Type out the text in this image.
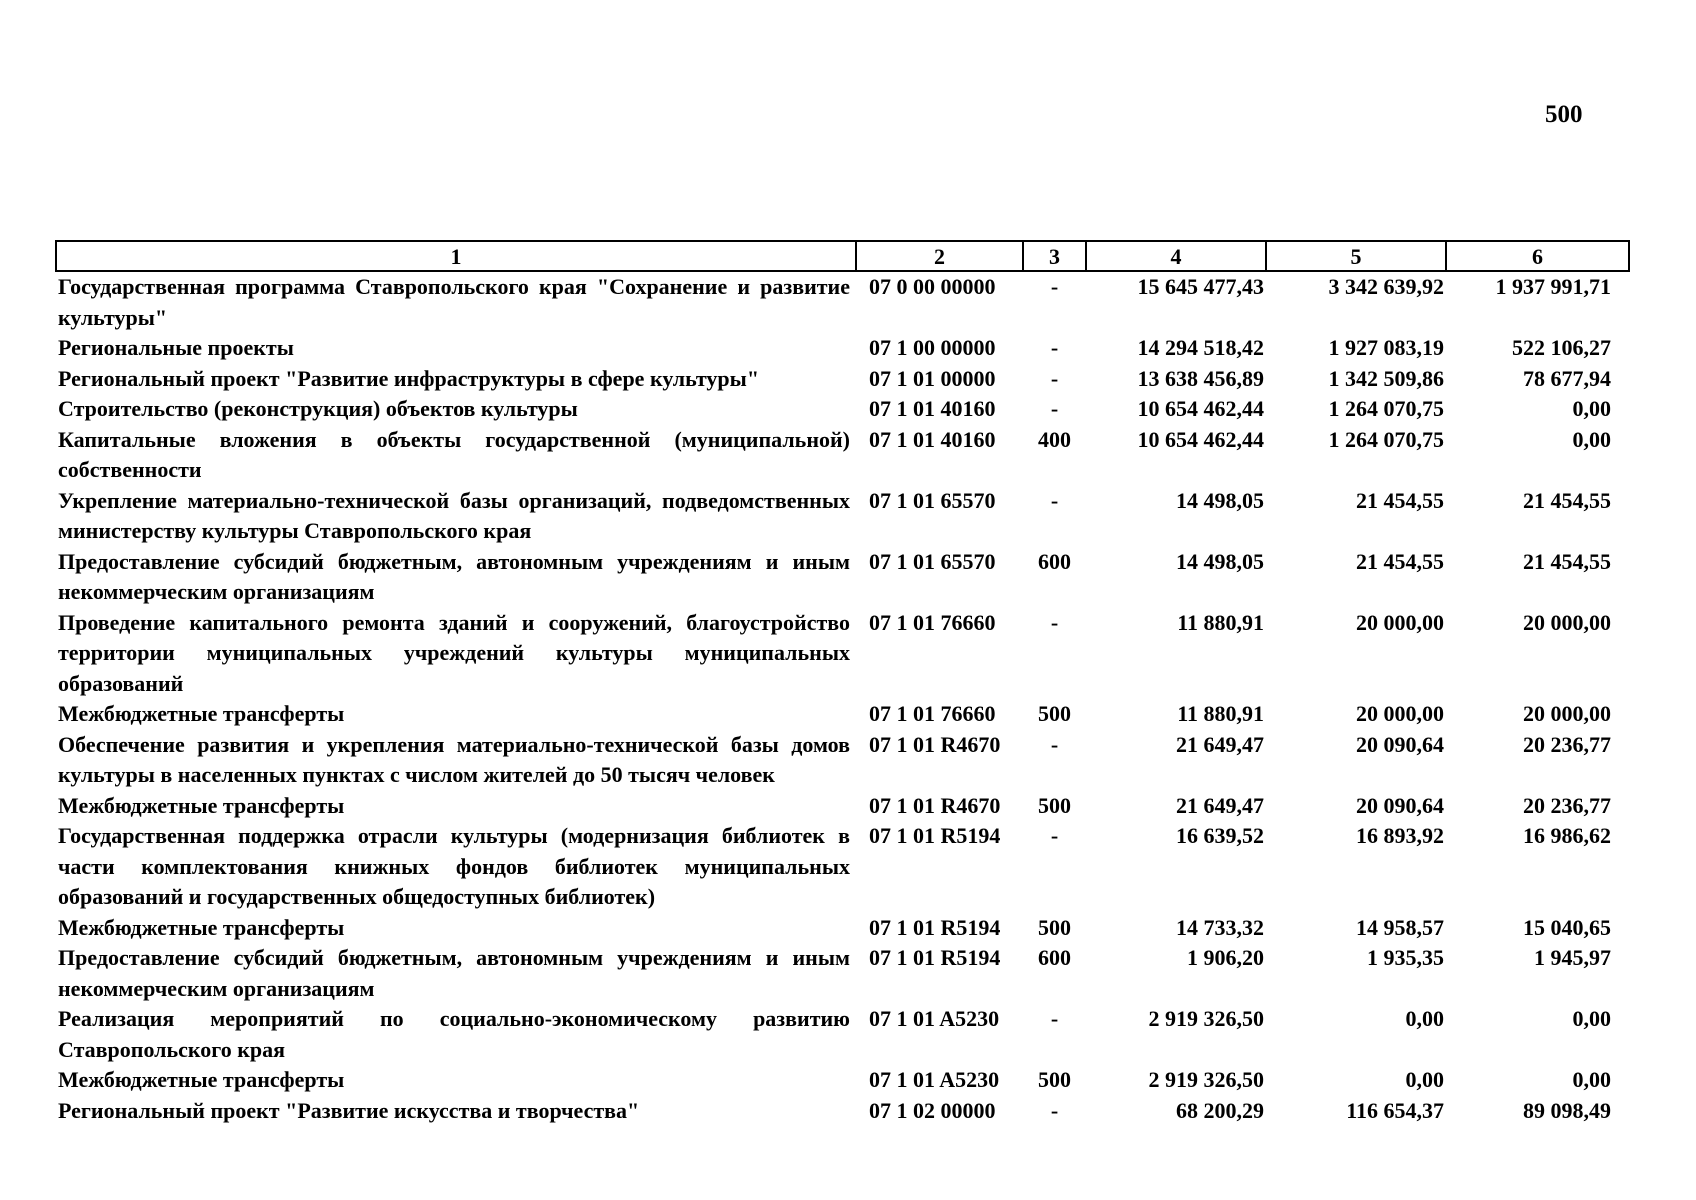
500
1	2	3	4	5	6
Государственная программа Ставропольского края "Сохранение и развитие культуры"	07 0 00 00000	-	15 645 477,43	3 342 639,92	1 937 991,71
Региональные проекты	07 1 00 00000	-	14 294 518,42	1 927 083,19	522 106,27
Региональный проект "Развитие инфраструктуры в сфере культуры"	07 1 01 00000	-	13 638 456,89	1 342 509,86	78 677,94
Строительство (реконструкция) объектов культуры	07 1 01 40160	-	10 654 462,44	1 264 070,75	0,00
Капитальные вложения в объекты государственной (муниципальной) собственности	07 1 01 40160	400	10 654 462,44	1 264 070,75	0,00
Укрепление материально-технической базы организаций, подведомственных министерству культуры Ставропольского края	07 1 01 65570	-	14 498,05	21 454,55	21 454,55
Предоставление субсидий бюджетным, автономным учреждениям и иным некоммерческим организациям	07 1 01 65570	600	14 498,05	21 454,55	21 454,55
Проведение капитального ремонта зданий и сооружений, благоустройство территории муниципальных учреждений культуры муниципальных образований	07 1 01 76660	-	11 880,91	20 000,00	20 000,00
Межбюджетные трансферты	07 1 01 76660	500	11 880,91	20 000,00	20 000,00
Обеспечение развития и укрепления материально-технической базы домов культуры в населенных пунктах с числом жителей до 50 тысяч человек	07 1 01 R4670	-	21 649,47	20 090,64	20 236,77
Межбюджетные трансферты	07 1 01 R4670	500	21 649,47	20 090,64	20 236,77
Государственная поддержка отрасли культуры (модернизация библиотек в части комплектования книжных фондов библиотек муниципальных образований и государственных общедоступных библиотек)	07 1 01 R5194	-	16 639,52	16 893,92	16 986,62
Межбюджетные трансферты	07 1 01 R5194	500	14 733,32	14 958,57	15 040,65
Предоставление субсидий бюджетным, автономным учреждениям и иным некоммерческим организациям	07 1 01 R5194	600	1 906,20	1 935,35	1 945,97
Реализация мероприятий по социально-экономическому развитию Ставропольского края	07 1 01 A5230	-	2 919 326,50	0,00	0,00
Межбюджетные трансферты	07 1 01 A5230	500	2 919 326,50	0,00	0,00
Региональный проект "Развитие искусства и творчества"	07 1 02 00000	-	68 200,29	116 654,37	89 098,49
